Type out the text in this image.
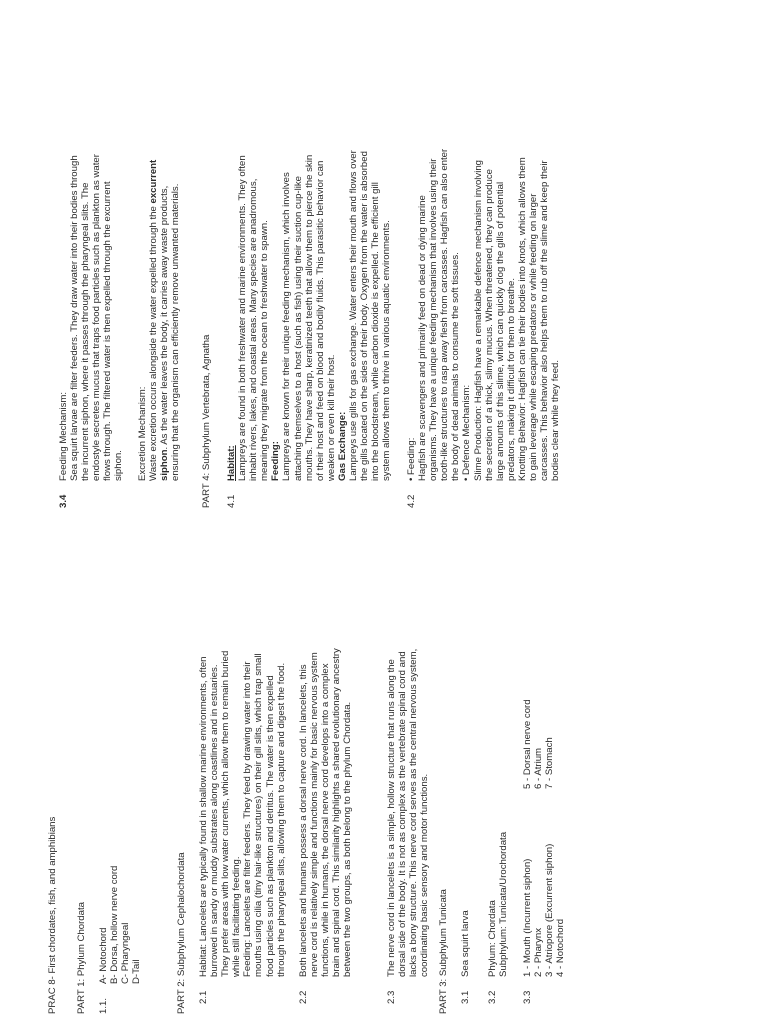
PRAC 8- First chordates, fish, and amphibians PART 1: Phylum Chordata 1.1.
A- Notochord B- Dorsa, hollow nerve cord C- Pharyngeal D-Tail	PART 2: Subphylum Cephalochordata 2.1
Habitat: Lancelets are typically found in shallow marine environments, often burrowed in sandy or muddy substrates along coastlines and in estuaries. They prefer areas with low water currents, which allow them to remain buried while still facilitating feeding. Feeding: Lancelets are filter feeders. They feed by drawing water into their mouths using cilia (tiny hair-like structures) on their gill slits, which trap small food particles such as plankton and detritus. The water is then expelled through the pharyngeal slits, allowing them to capture and digest the food.
2.2
Both lancelets and humans possess a dorsal nerve cord. In lancelets, this nerve cord is relatively simple and functions mainly for basic nervous system functions, while in humans, the dorsal nerve cord develops into a complex brain and spinal cord. This similarity highlights a shared evolutionary ancestry between the two groups, as both belong to the phylum Chordata.
2.3
The nerve cord in lancelets is a simple, hollow structure that runs along the dorsal side of the body. It is not as complex as the vertebrate spinal cord and lacks a bony structure. This nerve cord serves as the central nervous system, coordinating basic sensory and motor functions. PART 3: Subphylum Tunicata 3.1
Sea squirt larva
3.2
Phylum: Chordata Subphylum: Tunicata/Urochordata
3.3
1 - Mouth (Incurrent siphon) 2 - Pharynx 3 - Atriopore (Excurrent siphon) 4 - Notochord
5 - Dorsal nerve cord 6 - Atrium 7 - Stomach
3.4
Feeding Mechanism: Sea squirt larvae are filter feeders. They draw water into their bodies through the incurrent siphon, where it passes through the pharyngeal slits. The endostyle secretes mucus that traps food particles such as plankton as water flows through. The filtered water is then expelled through the excurrent siphon. Excretion Mechanism: Waste excretion occurs alongside the water expelled through the excurrent
siphon. As the water leaves the body, it carries away waste products, ensuring that the organism can efficiently remove unwanted materials. PART 4: Subphylum Vertebrata, Agnatha 4.1
Habitat: Lampreys are found in both freshwater and marine environments. They often inhabit rivers, lakes, and coastal areas. Many species are anadromous, meaning they migrate from the ocean to freshwater to spawn. Feeding: Lampreys are known for their unique feeding mechanism, which involves attaching themselves to a host (such as fish) using their suction cup-like mouths. They have sharp, keratinized teeth that allow them to pierce the skin of their host and feed on blood and bodily fluids. This parasitic behavior can weaken or even kill their host. Gas Exchange: Lampreys use gills for gas exchange. Water enters their mouth and flows over the gills located on the sides of their body. Oxygen from the water is absorbed into the bloodstream, while carbon dioxide is expelled. The efficient gill system allows them to thrive in various aquatic environments.
4.2
• Feeding: Hagfish are scavengers and primarily feed on dead or dying marine organisms. They have a unique feeding mechanism that involves using their tooth-like structures to rasp away flesh from carcasses. Hagfish can also enter the body of dead animals to consume the soft tissues. • Defence Mechanism: Slime Production: Hagfish have a remarkable defence mechanism involving the secretion of a thick, slimy mucus. When threatened, they can produce large amounts of this slime, which can quickly clog the gills of potential predators, making it difficult for them to breathe. Knotting Behavior: Hagfish can tie their bodies into knots, which allows them to gain leverage while escaping predators or while feeding on larger carcasses. This behavior also helps them to rub off the slime and keep their bodies clear while they feed.
